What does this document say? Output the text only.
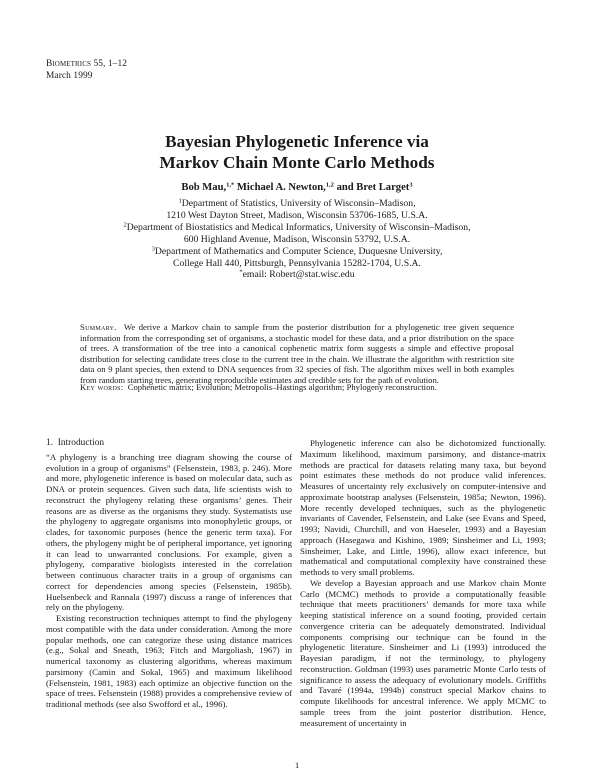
Biometrics 55, 1–12
March 1999
Bayesian Phylogenetic Inference via
Markov Chain Monte Carlo Methods
Bob Mau,$^{1,*}$ Michael A. Newton,$^{1,2}$ and Bret Larget$^3$
$^1$Department of Statistics, University of Wisconsin–Madison,
1210 West Dayton Street, Madison, Wisconsin 53706-1685, U.S.A.
$^2$Department of Biostatistics and Medical Informatics, University of Wisconsin–Madison,
600 Highland Avenue, Madison, Wisconsin 53792, U.S.A.
$^3$Department of Mathematics and Computer Science, Duquesne University,
College Hall 440, Pittsburgh, Pennsylvania 15282-1704, U.S.A.
*email: Robert@stat.wisc.edu
Summary. We derive a Markov chain to sample from the posterior distribution for a phylogenetic tree given sequence information from the corresponding set of organisms, a stochastic model for these data, and a prior distribution on the space of trees. A transformation of the tree into a canonical cophenetic matrix form suggests a simple and effective proposal distribution for selecting candidate trees close to the current tree in the chain. We illustrate the algorithm with restriction site data on 9 plant species, then extend to DNA sequences from 32 species of fish. The algorithm mixes well in both examples from random starting trees, generating reproducible estimates and credible sets for the path of evolution.
Key words: Cophenetic matrix; Evolution; Metropolis–Hastings algorithm; Phylogeny reconstruction.
1. Introduction

“A phylogeny is a branching tree diagram showing the course of evolution in a group of organisms” (Felsenstein, 1983, p. 246). More and more, phylogenetic inference is based on molecular data, such as DNA or protein sequences. Given such data, life scientists wish to reconstruct the phylogeny relating these organisms’ genes. Their reasons are as diverse as the organisms they study. Systematists use the phylogeny to aggregate organisms into monophyletic groups, or clades, for taxonomic purposes (hence the generic term taxa). For others, the phylogeny might be of peripheral importance, yet ignoring it can lead to unwarranted conclusions. For example, given a phylogeny, comparative biologists interested in the correlation between continuous character traits in a group of organisms can correct for dependencies among species (Felsenstein, 1985b). Huelsenbeck and Rannala (1997) discuss a range of inferences that rely on the phylogeny.

Existing reconstruction techniques attempt to find the phylogeny most compatible with the data under consideration. Among the more popular methods, one can categorize these using distance matrices (e.g., Sokal and Sneath, 1963; Fitch and Margoliash, 1967) in numerical taxonomy as clustering algorithms, whereas maximum parsimony (Camin and Sokal, 1965) and maximum likelihood (Felsenstein, 1981, 1983) each optimize an objective function on the space of trees. Felsenstein (1988) provides a comprehensive review of traditional methods (see also Swofford et al., 1996).

Phylogenetic inference can also be dichotomized functionally. Maximum likelihood, maximum parsimony, and distance-matrix methods are practical for datasets relating many taxa, but beyond point estimates these methods do not produce valid inferences. Measures of uncertainty rely exclusively on computer-intensive and approximate bootstrap analyses (Felsenstein, 1985a; Newton, 1996). More recently developed techniques, such as the phylogenetic invariants of Cavender, Felsenstein, and Lake (see Evans and Speed, 1993; Navidi, Churchill, and von Haeseler, 1993) and a Bayesian approach (Hasegawa and Kishino, 1989; Sinsheimer and Li, 1993; Sinsheimer, Lake, and Little, 1996), allow exact inference, but mathematical and computational complexity have constrained these methods to very small problems.

We develop a Bayesian approach and use Markov chain Monte Carlo (MCMC) methods to provide a computationally feasible technique that meets practitioners’ demands for more taxa while keeping statistical inference on a sound footing, provided certain convergence criteria can be adequately demonstrated. Individual components comprising our technique can be found in the phylogenetic literature. Sinsheimer and Li (1993) introduced the Bayesian paradigm, if not the terminology, to phylogeny reconstruction. Goldman (1993) uses parametric Monte Carlo tests of significance to assess the adequacy of evolutionary models. Griffiths and Tavaré (1994a, 1994b) construct special Markov chains to compute likelihoods for ancestral inference. We apply MCMC to sample trees from the joint posterior distribution. Hence, measurement of uncertainty in

1
